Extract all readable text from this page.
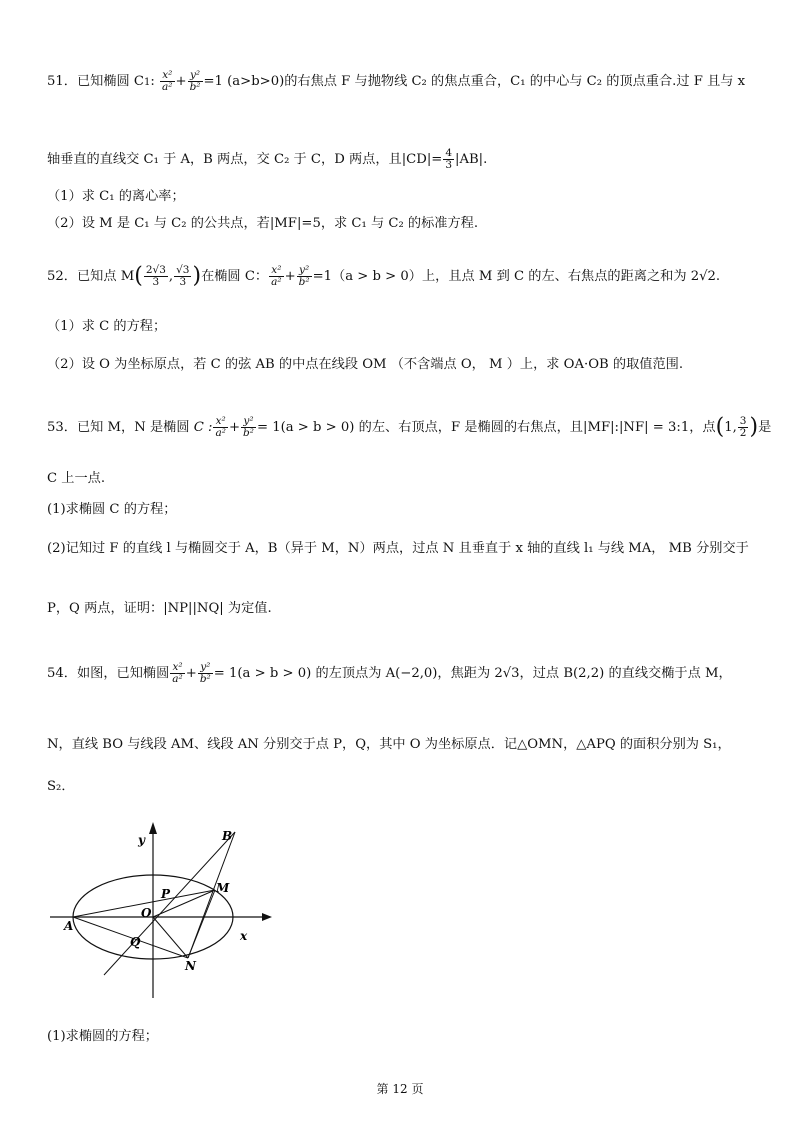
51．已知椭圆 C1: $\frac{\text{x²}}{\text{a²}} + \frac{\text{y²}}{\text{b²}} =1$ (a>b>0)的右焦点 F 与抛物线 C₂ 的焦点重合，C₁ 的中心与 C₂ 的顶点重合.过 F 且与 x
轴垂直的直线交 C₁ 于 A，B 两点，交 C₂ 于 C，D 两点，且$|CD|= \frac{4}{3} |AB|$.
（1）求 C₁ 的离心率；
（2）设 M 是 C₁ 与 C₂ 的公共点，若|MF|=5，求 C₁ 与 C₂ 的标准方程.
52．已知点 $M( \frac{2√3}{3}$ , $\frac{√3}{3}$ )在椭圆 C： $\frac{\text{x²}}{\text{a²}} + \frac{\text{y²}}{\text{b²}} =1(a > b > 0)$上，且点 M 到 C 的左、右焦点的距离之和为 2√2.
（1）求 C 的方程；
（2）设 O 为坐标原点，若 C 的弦 AB 的中点在线段 OM （不含端点 O， M ）上，求 OA·OB 的取值范围.
53．已知 M，N 是椭圆 C : $\frac{\text{x²}}{\text{a²}} + \frac{\text{y²}}{\text{b²}} = 1(a > b > 0)$ 的左、右顶点，F 是椭圆的右焦点，且|MF|:|NF| = 3:1，点(1, $\frac{3}{2}$ )是
C 上一点.
(1)求椭圆 C 的方程；
(2)记知过 F 的直线 l 与椭圆交于 A，B（异于 M，N）两点，过点 N 且垂直于 x 轴的直线 l₁ 与线 MA， MB 分别交于
P，Q 两点，证明：|NP||NQ| 为定值.
54．如图，已知椭圆 $\frac{\text{x²}}{\text{a²}} + \frac{\text{y²}}{\text{b²}} = 1(a > b > 0)$ 的左顶点为 A(−2,0)，焦距为 2√3，过点 B(2,2) 的直线交椭于点 M，
N，直线 BO 与线段 AM、线段 AN 分别交于点 P，Q，其中 O 为坐标原点．记△OMN，△APQ 的面积分别为 S₁，
S₂．
y
x
B
M
P
O
A
Q
N
(1)求椭圆的方程；
第 12 页
